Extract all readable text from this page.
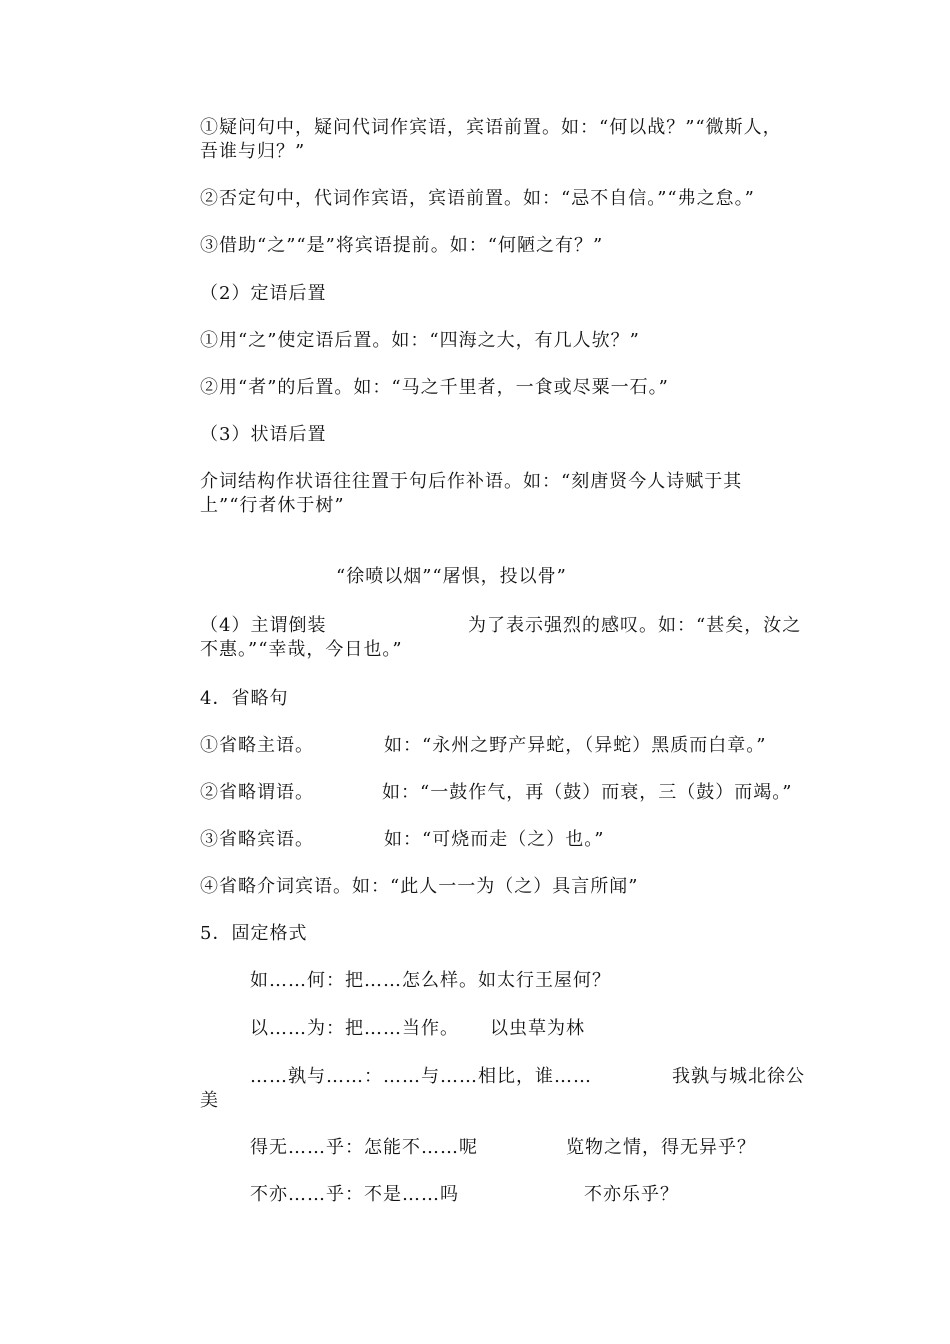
①疑问句中，疑问代词作宾语，宾语前置。如：“何以战？”“微斯人，
吾谁与归？”
②否定句中，代词作宾语，宾语前置。如：“忌不自信。”“弗之怠。”
③借助“之”“是”将宾语提前。如：“何陋之有？”
（2）定语后置
①用“之”使定语后置。如：“四海之大，有几人欤？”
②用“者”的后置。如：“马之千里者，一食或尽粟一石。”
（3）状语后置
介词结构作状语往往置于句后作补语。如：“刻唐贤今人诗赋于其
上”“行者休于树”
“徐喷以烟”“屠惧，投以骨”
（4）主谓倒装	为了表示强烈的感叹。如：“甚矣，汝之
不惠。”“幸哉，今日也。”
4．省略句
①省略主语。	如：“永州之野产异蛇，（异蛇）黑质而白章。”
②省略谓语。	如：“一鼓作气，再（鼓）而衰，三（鼓）而竭。”
③省略宾语。	如：“可烧而走（之）也。”
④省略介词宾语。如：“此人一一为（之）具言所闻”
5．固定格式
如……何：把……怎么样。如太行王屋何？
以……为：把……当作。 以虫草为林
……孰与……：……与……相比，谁……	我孰与城北徐公
美
得无……乎：怎能不……呢	览物之情，得无异乎？
不亦……乎：不是……吗	不亦乐乎？
